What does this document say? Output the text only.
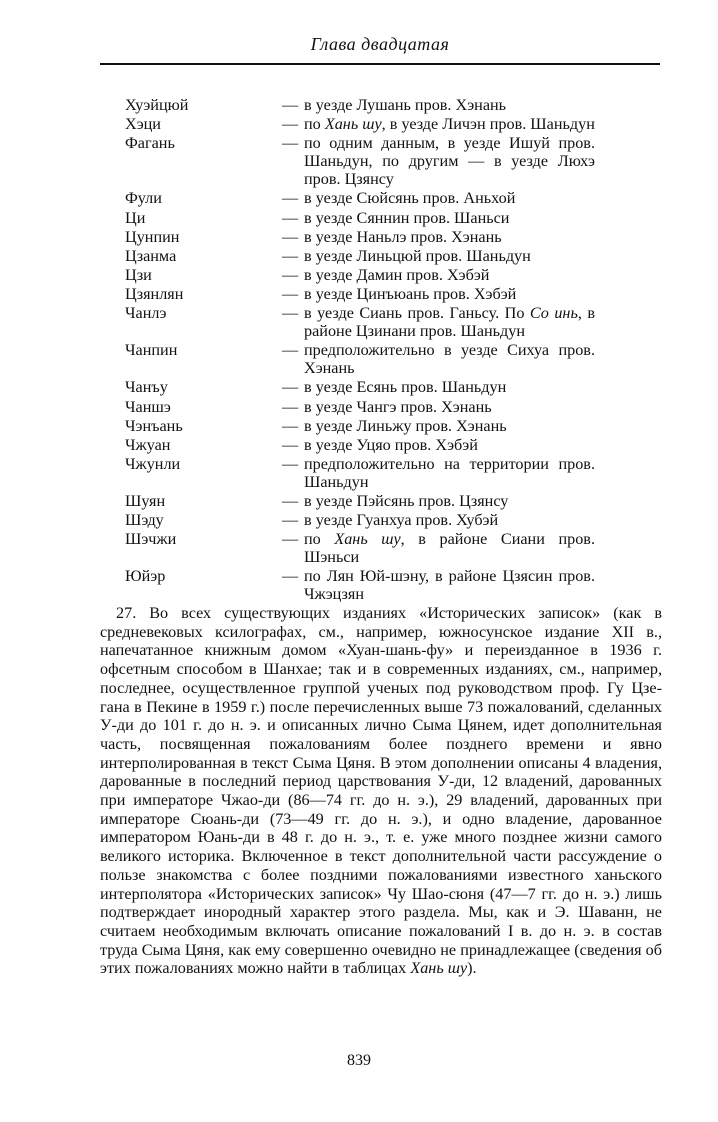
Глава двадцатая
Хуэйцюй	— в уезде Лушань пров. Хэнань
Хэци	— по Хань шу, в уезде Личэн пров. Шаньдун
Фагань	— по одним данным, в уезде Ишуй пров. Шаньдун, по другим — в уезде Люхэ пров. Цзянсу
Фули	— в уезде Сюйсянь пров. Аньхой
Ци	— в уезде Сяннин пров. Шаньси
Цунпин	— в уезде Наньлэ пров. Хэнань
Цзанма	— в уезде Линьцюй пров. Шаньдун
Цзи	— в уезде Дамин пров. Хэбэй
Цзянлян	— в уезде Цинъюань пров. Хэбэй
Чанлэ	— в уезде Сиань пров. Ганьсу. По Со инь, в районе Цзинани пров. Шаньдун
Чанпин	— предположительно в уезде Сихуа пров. Хэнань
Чанъу	— в уезде Есянь пров. Шаньдун
Чаншэ	— в уезде Чангэ пров. Хэнань
Чэнъань	— в уезде Линьжу пров. Хэнань
Чжуан	— в уезде Уцяо пров. Хэбэй
Чжунли	— предположительно на территории пров. Шаньдун
Шуян	— в уезде Пэйсянь пров. Цзянсу
Шэду	— в уезде Гуанхуа пров. Хубэй
Шэчжи	— по Хань шу, в районе Сиани пров. Шэньси
Юйэр	— по Лян Юй-шэну, в районе Цзясин пров. Чжэцзян

27. Во всех существующих изданиях «Исторических записок» (как в средневековых ксилографах, см., например, южносунское издание XII в., напечатанное книжным домом «Хуан-шань-фу» и переизданное в 1936 г. офсетным способом в Шанхае; так и в современных изданиях, см., например, последнее, осуществленное группой ученых под руководством проф. Гу Цзе-гана в Пекине в 1959 г.) после перечисленных выше 73 пожалований, сделанных У-ди до 101 г. до н. э. и описанных лично Сыма Цянем, идет дополнительная часть, посвященная пожалованиям более позднего времени и явно интерполированная в текст Сыма Цяня. В этом дополнении описаны 4 владения, дарованные в последний период царствования У-ди, 12 владений, дарованных при императоре Чжао-ди (86—74 гг. до н. э.), 29 владений, дарованных при императоре Сюань-ди (73—49 гг. до н. э.), и одно владение, дарованное императором Юань-ди в 48 г. до н. э., т. е. уже много позднее жизни самого великого историка. Включенное в текст дополнительной части рассуждение о пользе знакомства с более поздними пожалованиями известного ханьского интерполятора «Исторических записок» Чу Шао-сюня (47—7 гг. до н. э.) лишь подтверждает инородный характер этого раздела. Мы, как и Э. Шаванн, не считаем необходимым включать описание пожалований I в. до н. э. в состав труда Сыма Цяня, как ему совершенно очевидно не принадлежащее (сведения об этих пожалованиях можно найти в таблицах Хань шу).

839
